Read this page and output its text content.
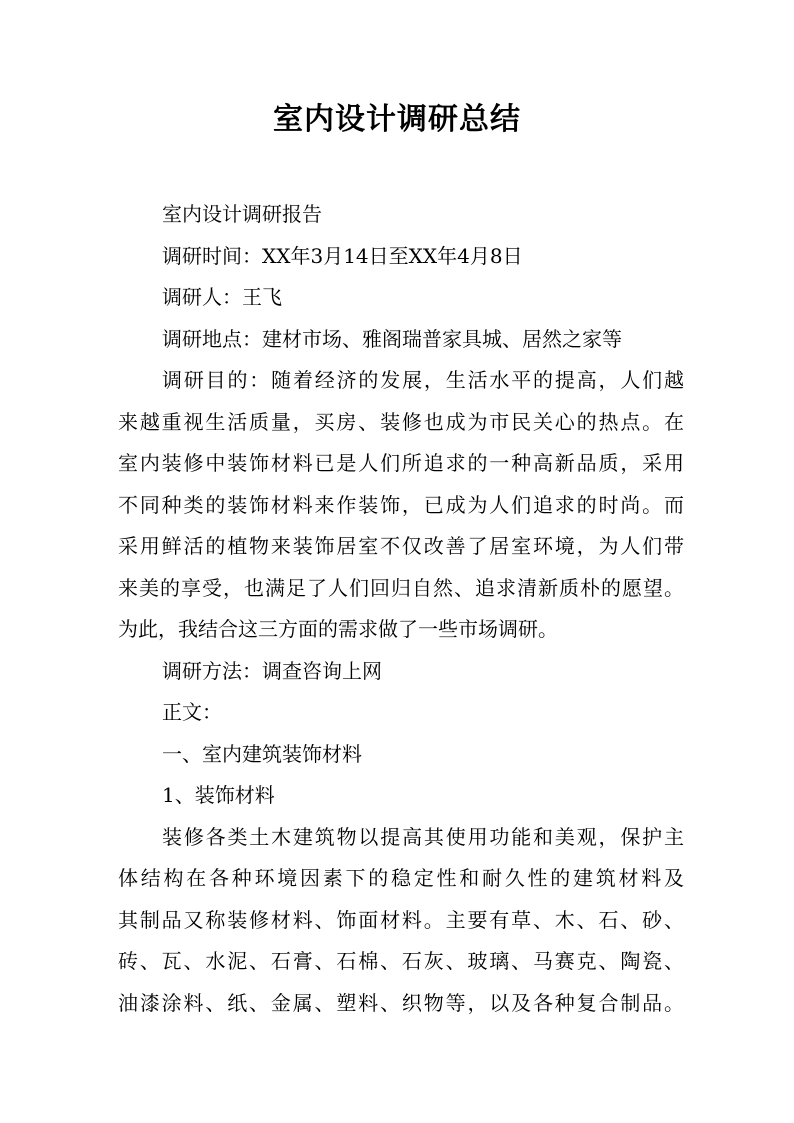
室内设计调研总结
室内设计调研报告
调研时间：XX年3月14日至XX年4月8日
调研人：王飞
调研地点：建材市场、雅阁瑞普家具城、居然之家等
调研目的：随着经济的发展，生活水平的提高，人们越
来越重视生活质量，买房、装修也成为市民关心的热点。在
室内装修中装饰材料已是人们所追求的一种高新品质，采用
不同种类的装饰材料来作装饰，已成为人们追求的时尚。而
采用鲜活的植物来装饰居室不仅改善了居室环境，为人们带
来美的享受，也满足了人们回归自然、追求清新质朴的愿望。
为此，我结合这三方面的需求做了一些市场调研。
调研方法：调查咨询上网
正文：
一、室内建筑装饰材料
1、装饰材料
装修各类土木建筑物以提高其使用功能和美观，保护主
体结构在各种环境因素下的稳定性和耐久性的建筑材料及
其制品又称装修材料、饰面材料。主要有草、木、石、砂、
砖、瓦、水泥、石膏、石棉、石灰、玻璃、马赛克、陶瓷、
油漆涂料、纸、金属、塑料、织物等，以及各种复合制品。
